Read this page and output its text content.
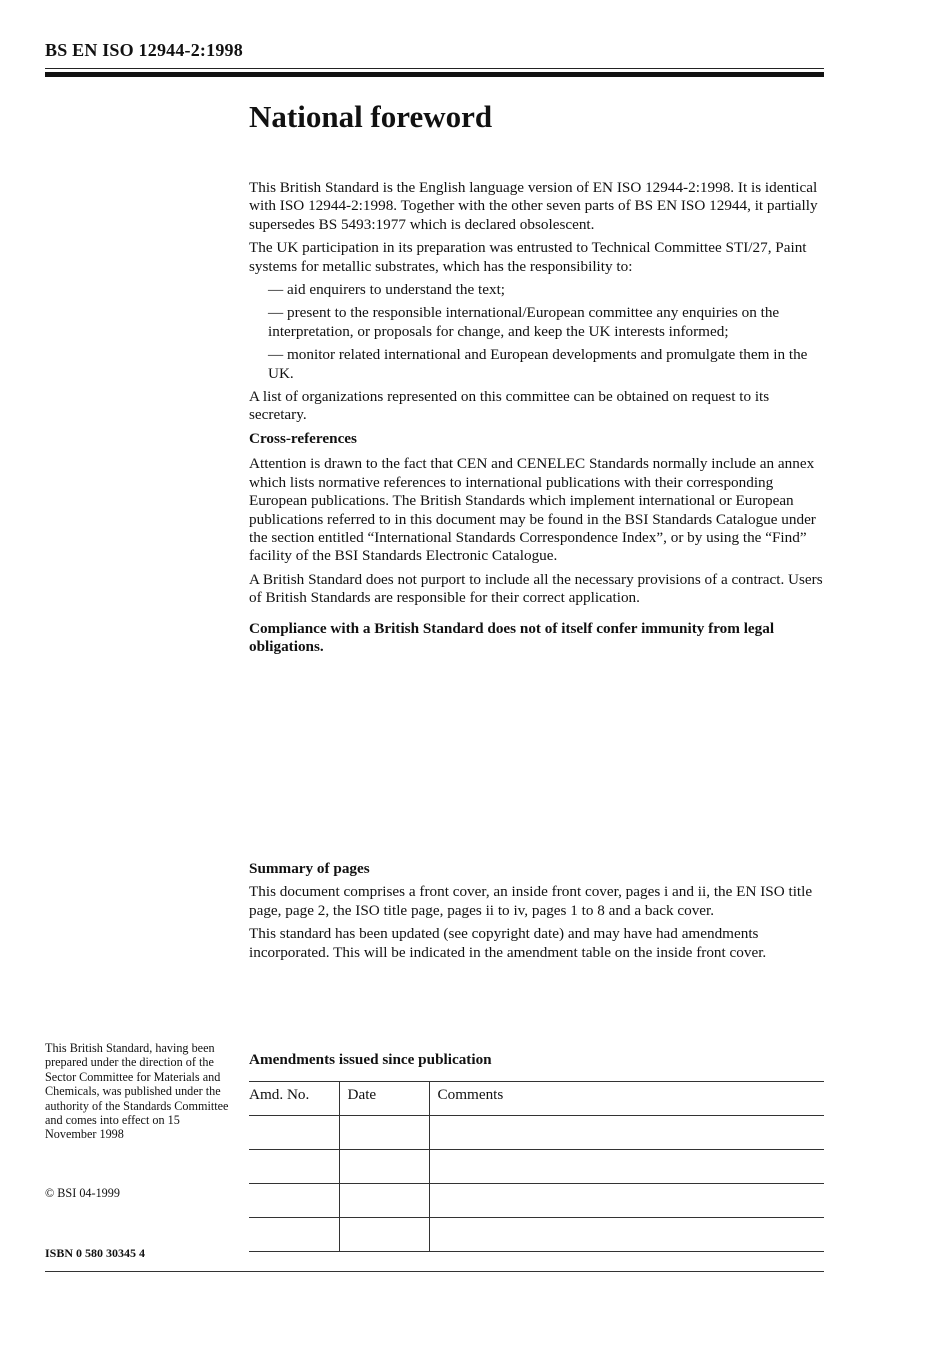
BS EN ISO 12944-2:1998
National foreword

This British Standard is the English language version of EN ISO 12944-2:1998. It is identical with ISO 12944-2:1998. Together with the other seven parts of BS EN ISO 12944, it partially supersedes BS 5493:1977 which is declared obsolescent.

The UK participation in its preparation was entrusted to Technical Committee STI/27, Paint systems for metallic substrates, which has the responsibility to:

— aid enquirers to understand the text;

— present to the responsible international/European committee any enquiries on the interpretation, or proposals for change, and keep the UK interests informed;

— monitor related international and European developments and promulgate them in the UK.

A list of organizations represented on this committee can be obtained on request to its secretary.

Cross-references

Attention is drawn to the fact that CEN and CENELEC Standards normally include an annex which lists normative references to international publications with their corresponding European publications. The British Standards which implement international or European publications referred to in this document may be found in the BSI Standards Catalogue under the section entitled “International Standards Correspondence Index”, or by using the “Find” facility of the BSI Standards Electronic Catalogue.

A British Standard does not purport to include all the necessary provisions of a contract. Users of British Standards are responsible for their correct application.

Compliance with a British Standard does not of itself confer immunity from legal obligations.

Summary of pages

This document comprises a front cover, an inside front cover, pages i and ii, the EN ISO title page, page 2, the ISO title page, pages ii to iv, pages 1 to 8 and a back cover.

This standard has been updated (see copyright date) and may have had amendments incorporated. This will be indicated in the amendment table on the inside front cover.

This British Standard, having been prepared under the direction of the Sector Committee for Materials and Chemicals, was published under the authority of the Standards Committee and comes into effect on 15 November 1998

© BSI 04-1999
ISBN 0 580 30345 4
Amendments issued since publication
Amd. No.	Date	Comments
